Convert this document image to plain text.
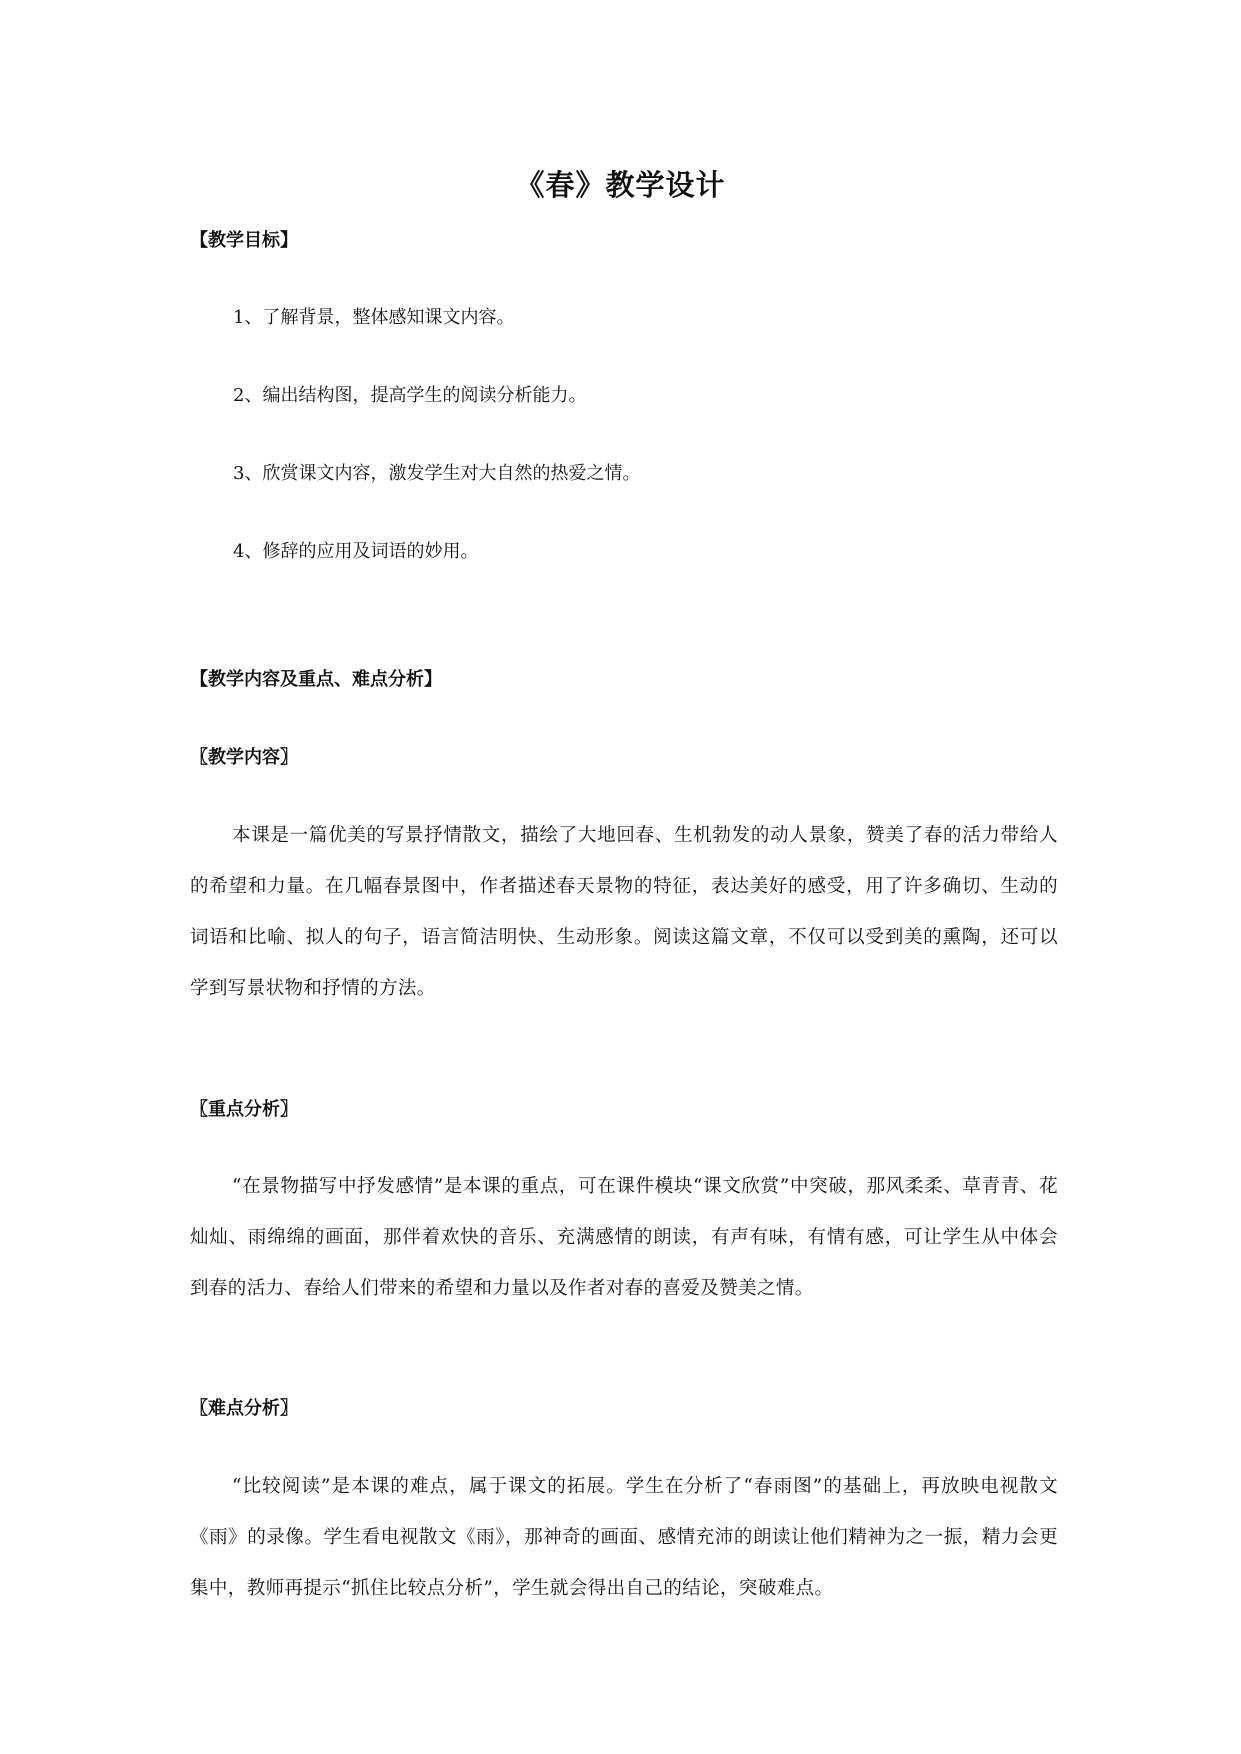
《春》教学设计
【教学目标】
1、了解背景，整体感知课文内容。
2、编出结构图，提高学生的阅读分析能力。
3、欣赏课文内容，激发学生对大自然的热爱之情。
4、修辞的应用及词语的妙用。
【教学内容及重点、难点分析】
〖教学内容〗
本课是一篇优美的写景抒情散文，描绘了大地回春、生机勃发的动人景象，赞美了春的活力带给人的希望和力量。在几幅春景图中，作者描述春天景物的特征，表达美好的感受，用了许多确切、生动的词语和比喻、拟人的句子，语言简洁明快、生动形象。阅读这篇文章，不仅可以受到美的熏陶，还可以学到写景状物和抒情的方法。
〖重点分析〗
“在景物描写中抒发感情”是本课的重点，可在课件模块“课文欣赏”中突破，那风柔柔、草青青、花灿灿、雨绵绵的画面，那伴着欢快的音乐、充满感情的朗读，有声有味，有情有感，可让学生从中体会到春的活力、春给人们带来的希望和力量以及作者对春的喜爱及赞美之情。
〖难点分析〗
“比较阅读”是本课的难点，属于课文的拓展。学生在分析了“春雨图”的基础上，再放映电视散文《雨》的录像。学生看电视散文《雨》，那神奇的画面、感情充沛的朗读让他们精神为之一振，精力会更集中，教师再提示“抓住比较点分析”，学生就会得出自己的结论，突破难点。
